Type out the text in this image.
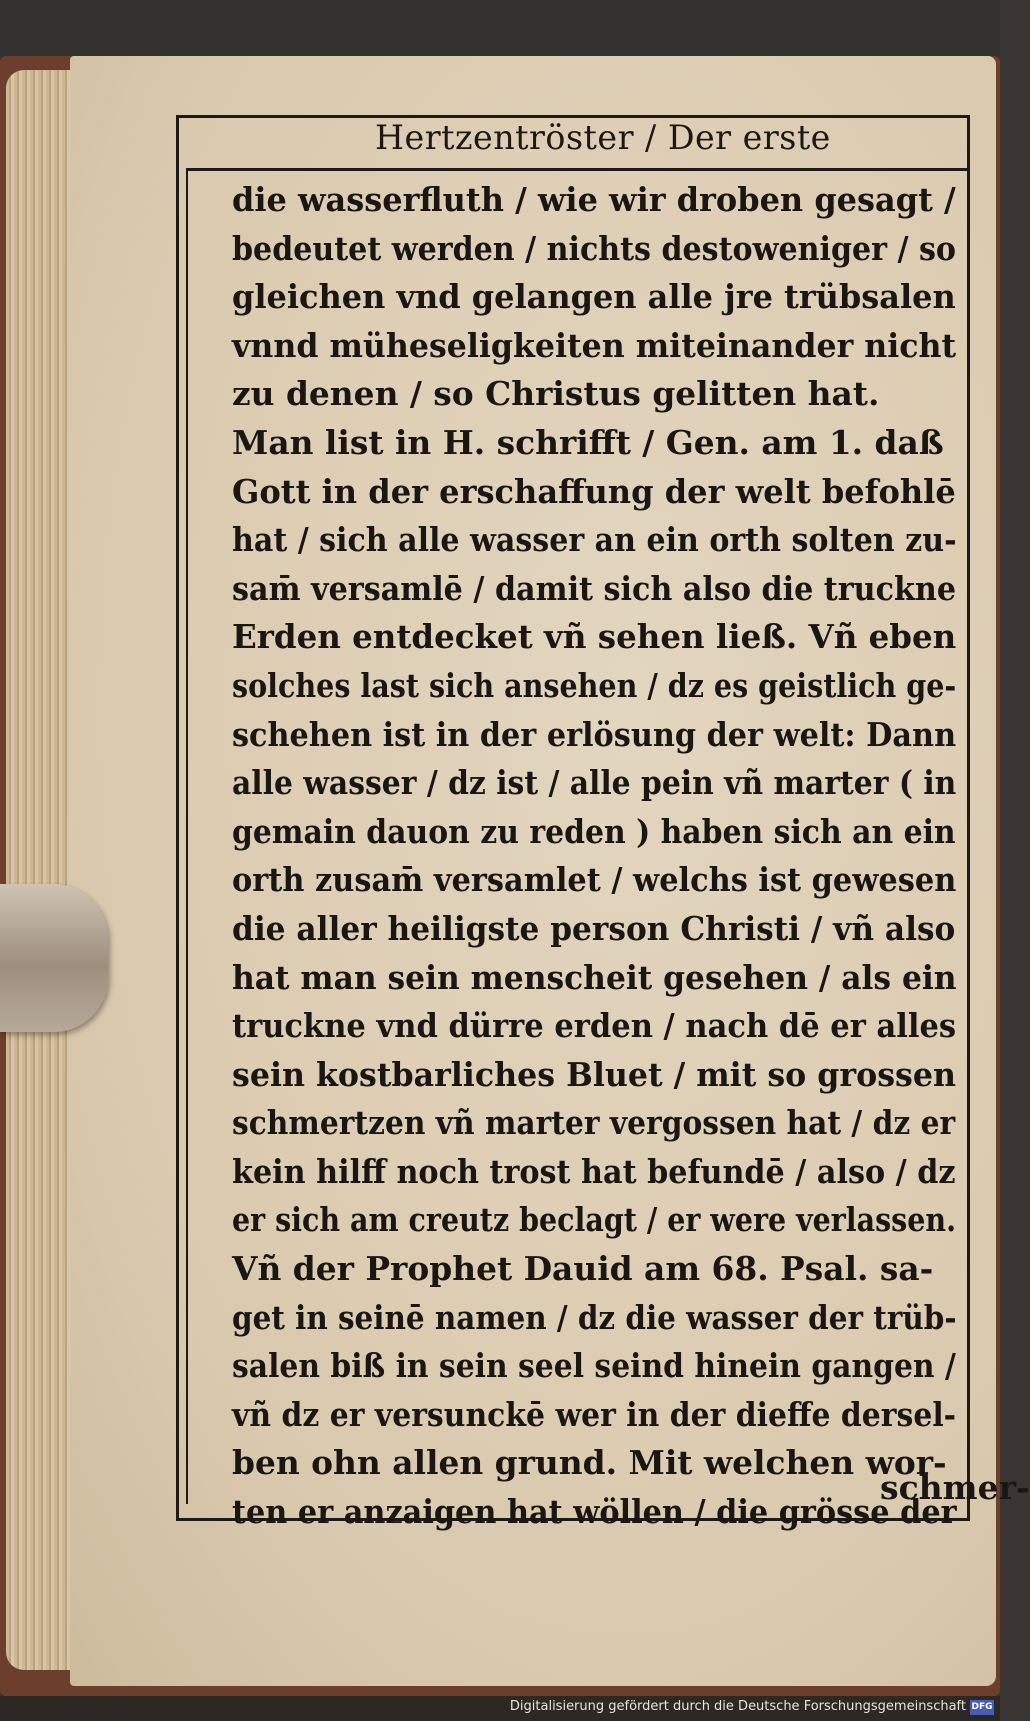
Hertzentröster / Der erste
die wasserfluth / wie wir droben gesagt /
bedeutet werden / nichts destoweniger / so
gleichen vnd gelangen alle jre trübsalen
vnnd müheseligkeiten miteinander nicht
zu denen / so Christus gelitten hat.
Man list in H. schrifft / Gen. am 1. daß
Gott in der erschaffung der welt befohlē
hat / sich alle wasser an ein orth solten zu-
sam̄ versamlē / damit sich also die truckne
Erden entdecket vñ sehen ließ. Vñ eben
solches last sich ansehen / dz es geistlich ge-
schehen ist in der erlösung der welt: Dann
alle wasser / dz ist / alle pein vñ marter ( in
gemain dauon zu reden ) haben sich an ein
orth zusam̄ versamlet / welchs ist gewesen
die aller heiligste person Christi / vñ also
hat man sein menscheit gesehen / als ein
truckne vnd dürre erden / nach dē er alles
sein kostbarliches Bluet / mit so grossen
schmertzen vñ marter vergossen hat / dz er
kein hilff noch trost hat befundē / also / dz
er sich am creutz beclagt / er were verlassen.
Vñ der Prophet Dauid am 68. Psal. sa-
get in seinē namen / dz die wasser der trüb-
salen biß in sein seel seind hinein gangen /
vñ dz er versunckē wer in der dieffe dersel-
ben ohn allen grund. Mit welchen wor-
ten er anzaigen hat wöllen / die grösse der
schmer-
Digitalisierung gefördert durch die Deutsche Forschungsgemeinschaft DFG
